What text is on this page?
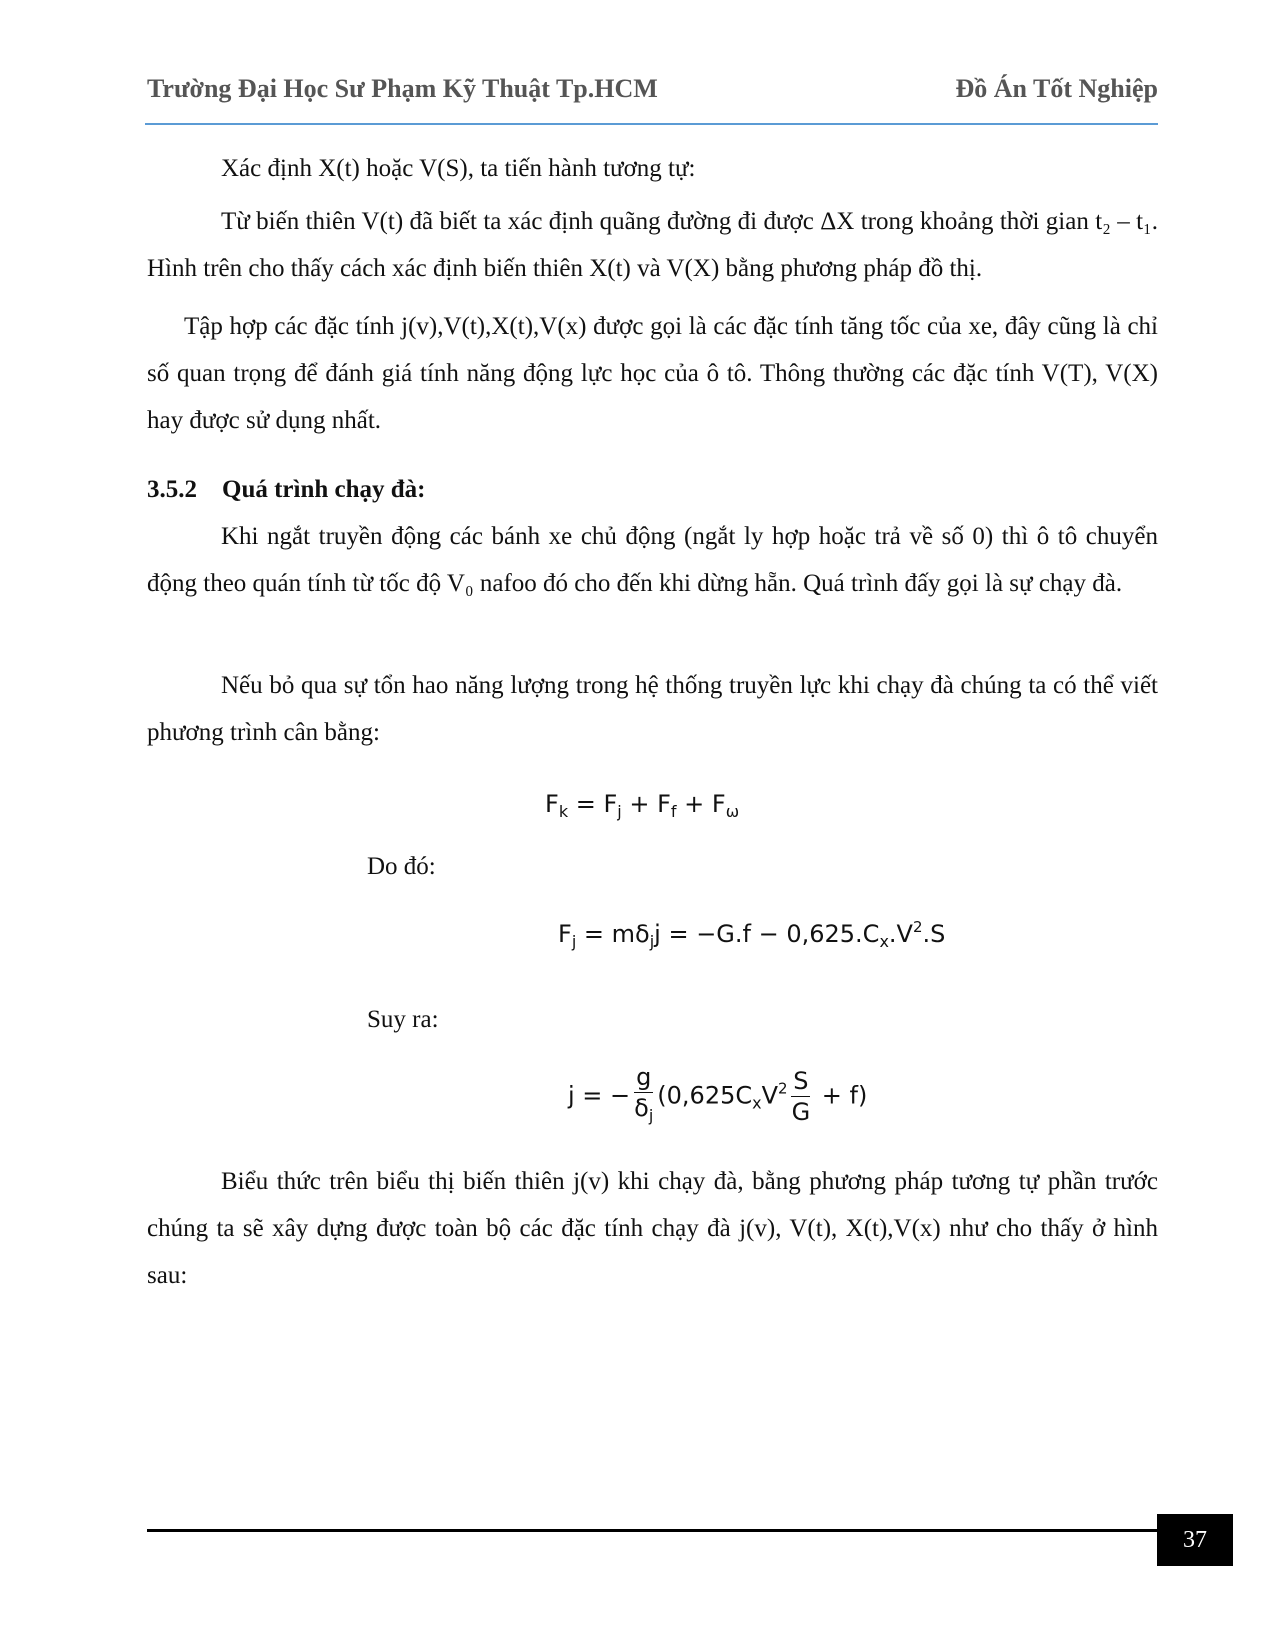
Trường Đại Học Sư Phạm Kỹ Thuật Tp.HCM	Đồ Án Tốt Nghiệp

Xác định X(t) hoặc V(S), ta tiến hành tương tự:

Từ biến thiên V(t) đã biết ta xác định quãng đường đi được ΔX trong khoảng thời gian t₂ – t₁. Hình trên cho thấy cách xác định biến thiên X(t) và V(X) bằng phương pháp đồ thị.

Tập hợp các đặc tính j(v),V(t),X(t),V(x) được gọi là các đặc tính tăng tốc của xe, đây cũng là chỉ số quan trọng để đánh giá tính năng động lực học của ô tô. Thông thường các đặc tính V(T), V(X) hay được sử dụng nhất.

3.5.2 Quá trình chạy đà:

Khi ngắt truyền động các bánh xe chủ động (ngắt ly hợp hoặc trả về số 0) thì ô tô chuyển động theo quán tính từ tốc độ V₀ nafoo đó cho đến khi dừng hẵn. Quá trình đấy gọi là sự chạy đà.

Nếu bỏ qua sự tổn hao năng lượng trong hệ thống truyền lực khi chạy đà chúng ta có thể viết phương trình cân bằng:

$F_k = F_j + F_f + F_\omega$

Do đó:

$F_j = m\delta_jj = -G.f - 0,625.C_x.V^2.S$

Suy ra:

j = − $\frac{g}{\delta_j} (0,625C_xV^2 \frac{S}{G} + f)$

Biểu thức trên biểu thị biến thiên j(v) khi chạy đà, bằng phương pháp tương tự phần trước chúng ta sẽ xây dựng được toàn bộ các đặc tính chạy đà j(v), V(t), X(t),V(x) như cho thấy ở hình sau:

37
